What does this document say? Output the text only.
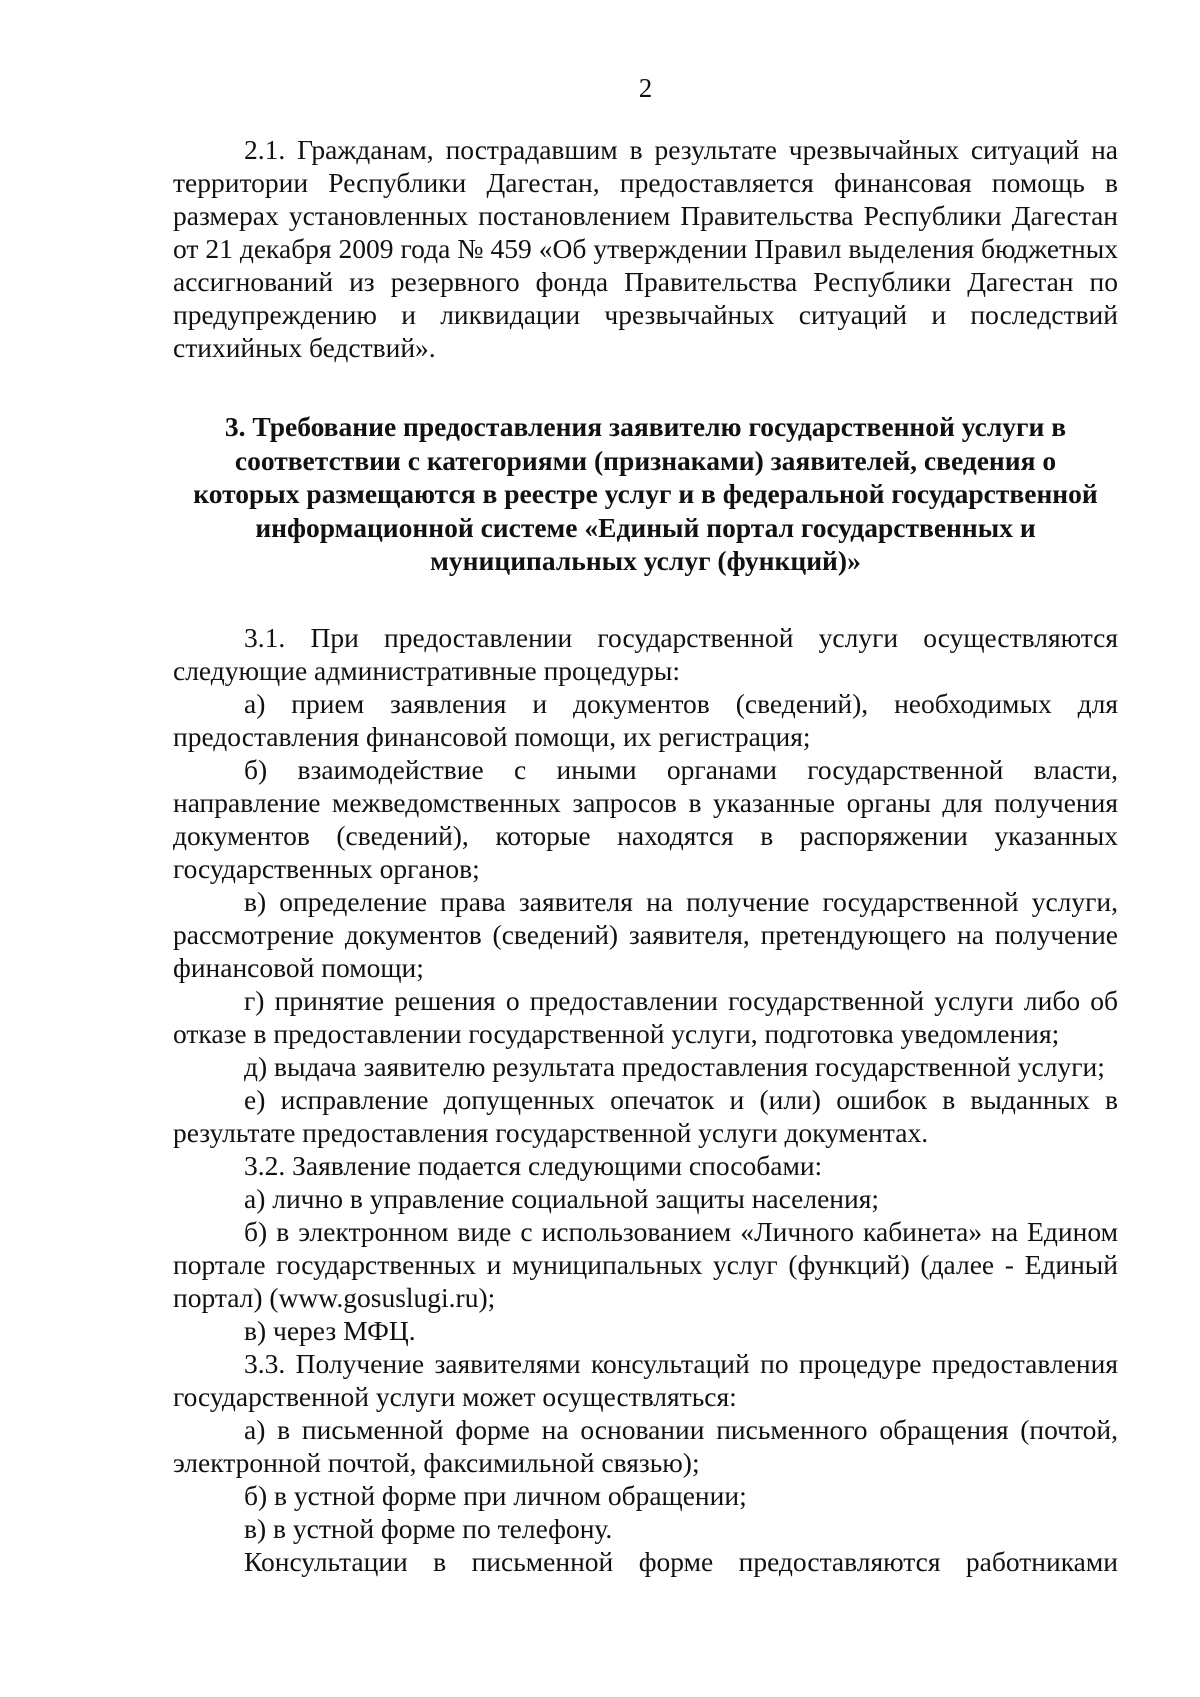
2

2.1. Гражданам, пострадавшим в результате чрезвычайных ситуаций на территории Республики Дагестан, предоставляется финансовая помощь в размерах установленных постановлением Правительства Республики Дагестан от 21 декабря 2009 года № 459 «Об утверждении Правил выделения бюджетных ассигнований из резервного фонда Правительства Республики Дагестан по предупреждению и ликвидации чрезвычайных ситуаций и последствий стихийных бедствий».

3. Требование предоставления заявителю государственной услуги в
соответствии с категориями (признаками) заявителей, сведения о
которых размещаются в реестре услуг и в федеральной государственной
информационной системе «Единый портал государственных и
муниципальных услуг (функций)»

3.1. При предоставлении государственной услуги осуществляются следующие административные процедуры:

а) прием заявления и документов (сведений), необходимых для предоставления финансовой помощи, их регистрация;

б) взаимодействие с иными органами государственной власти, направление межведомственных запросов в указанные органы для получения документов (сведений), которые находятся в распоряжении указанных государственных органов;

в) определение права заявителя на получение государственной услуги, рассмотрение документов (сведений) заявителя, претендующего на получение финансовой помощи;

г) принятие решения о предоставлении государственной услуги либо об отказе в предоставлении государственной услуги, подготовка уведомления;

д) выдача заявителю результата предоставления государственной услуги;

е) исправление допущенных опечаток и (или) ошибок в выданных в результате предоставления государственной услуги документах.

3.2. Заявление подается следующими способами:

а) лично в управление социальной защиты населения;

б) в электронном виде с использованием «Личного кабинета» на Едином портале государственных и муниципальных услуг (функций) (далее - Единый портал) (www.gosuslugi.ru);

в) через МФЦ.

3.3. Получение заявителями консультаций по процедуре предоставления государственной услуги может осуществляться:

а) в письменной форме на основании письменного обращения (почтой, электронной почтой, факсимильной связью);

б) в устной форме при личном обращении;

в) в устной форме по телефону.

Консультации в письменной форме предоставляются работниками
